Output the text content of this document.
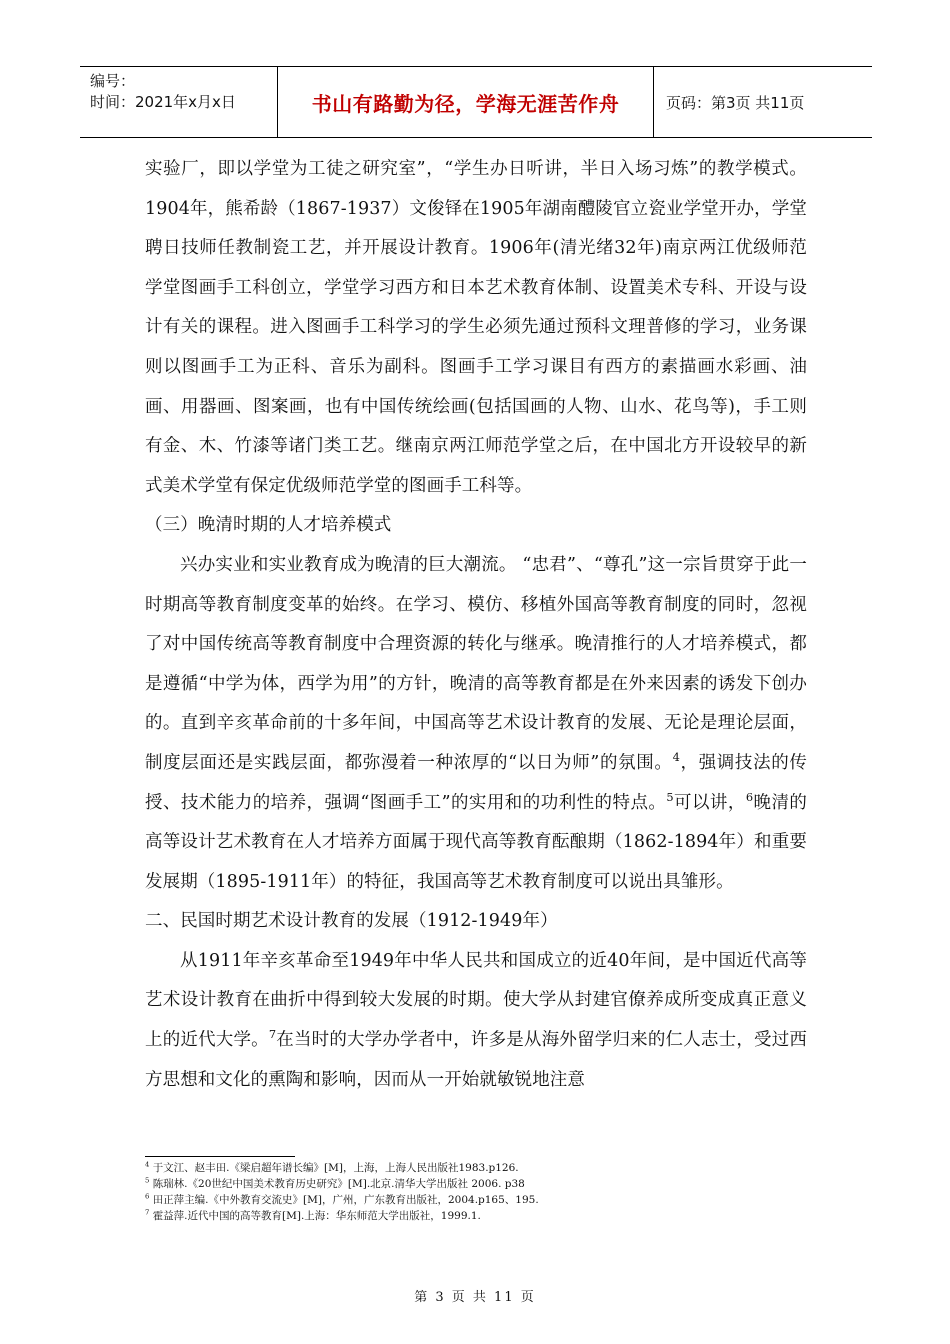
编号：
时间：2021年x月x日	书山有路勤为径，学海无涯苦作舟	页码：第3页 共11页

实验厂，即以学堂为工徒之研究室”，“学生办日听讲，半日入场习炼”的教学模式。1904年，熊希龄（1867-1937）文俊铎在1905年湖南醴陵官立瓷业学堂开办，学堂聘日技师任教制瓷工艺，并开展设计教育。1906年(清光绪32年)南京两江优级师范学堂图画手工科创立，学堂学习西方和日本艺术教育体制、设置美术专科、开设与设计有关的课程。进入图画手工科学习的学生必须先通过预科文理普修的学习，业务课则以图画手工为正科、音乐为副科。图画手工学习课目有西方的素描画水彩画、油画、用器画、图案画，也有中国传统绘画(包括国画的人物、山水、花鸟等)，手工则有金、木、竹漆等诸门类工艺。继南京两江师范学堂之后，在中国北方开设较早的新式美术学堂有保定优级师范学堂的图画手工科等。

（三）晚清时期的人才培养模式

兴办实业和实业教育成为晚清的巨大潮流。 “忠君”、“尊孔”这一宗旨贯穿于此一时期高等教育制度变革的始终。在学习、模仿、移植外国高等教育制度的同时，忽视了对中国传统高等教育制度中合理资源的转化与继承。晚清推行的人才培养模式，都是遵循“中学为体，西学为用”的方针，晚清的高等教育都是在外来因素的诱发下创办的。直到辛亥革命前的十多年间，中国高等艺术设计教育的发展、无论是理论层面，制度层面还是实践层面，都弥漫着一种浓厚的“以日为师”的氛围。$^4$，强调技法的传授、技术能力的培养，强调“图画手工”的实用和的功利性的特点。$^5$可以讲，$^6$晚清的高等设计艺术教育在人才培养方面属于现代高等教育酝酿期（1862-1894年）和重要发展期（1895-1911年）的特征，我国高等艺术教育制度可以说出具雏形。

二、民国时期艺术设计教育的发展（1912-1949年）

从1911年辛亥革命至1949年中华人民共和国成立的近40年间，是中国近代高等艺术设计教育在曲折中得到较大发展的时期。使大学从封建官僚养成所变成真正意义上的近代大学。$^7$在当时的大学办学者中，许多是从海外留学归来的仁人志士，受过西方思想和文化的熏陶和影响，因而从一开始就敏锐地注意

$^4$ 于文江、赵丰田.《梁启超年谱长编》[M]，上海，上海人民出版社1983.p126.
$^5$ 陈瑞林.《20世纪中国美术教育历史研究》[M].北京.清华大学出版社 2006. p38
$^6$ 田正萍主编.《中外教育交流史》[M]，广州，广东教育出版社，2004.p165、195.
$^7$ 霍益萍.近代中国的高等教育[M].上海：华东师范大学出版社，1999.1.
第 3 页 共 11 页
